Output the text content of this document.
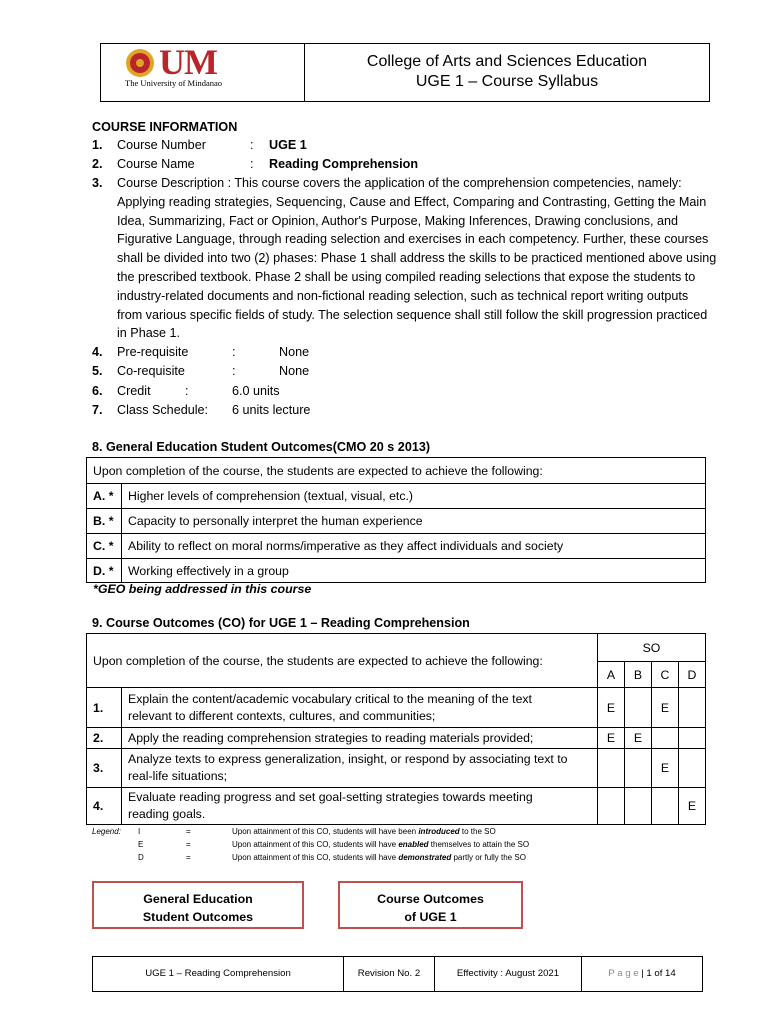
UM
The University of Mindanao
College of Arts and Sciences Education
UGE 1 – Course Syllabus
COURSE INFORMATION
1.	Course Number	: UGE 1
2.	Course Name	: Reading Comprehension
3.	Course Description : This course covers the application of the comprehension competencies, namely:
Applying reading strategies, Sequencing, Cause and Effect, Comparing and Contrasting, Getting the Main
Idea, Summarizing, Fact or Opinion, Author's Purpose, Making Inferences, Drawing conclusions, and
Figurative Language, through reading selection and exercises in each competency. Further, these courses
shall be divided into two (2) phases: Phase 1 shall address the skills to be practiced mentioned above using
the prescribed textbook. Phase 2 shall be using compiled reading selections that expose the students to
industry-related documents and non-fictional reading selection, such as technical report writing outputs
from various specific fields of study. The selection sequence shall still follow the skill progression practiced
in Phase 1.
4.	Pre-requisite	:	None
5.	Co-requisite	:	None
6.	Credit	:	6.0 units
7.	Class Schedule: 6 units lecture
8. General Education Student Outcomes(CMO 20 s 2013)
Upon completion of the course, the students are expected to achieve the following:	
A. *	Higher levels of comprehension (textual, visual, etc.)
B. *	Capacity to personally interpret the human experience
C. *	Ability to reflect on moral norms/imperative as they affect individuals and society
D. *	Working effectively in a group
*GEO being addressed in this course
9. Course Outcomes (CO) for UGE 1 – Reading Comprehension
Upon completion of the course, the students are expected to achieve the following:		SO			
		A	B	C	D
1.	Explain the content/academic vocabulary critical to the meaning of the text
relevant to different contexts, cultures, and communities;	E		E	
2.	Apply the reading comprehension strategies to reading materials provided;	E	E		
3.	Analyze texts to express generalization, insight, or respond by associating text to
real-life situations;			E	
4.	Evaluate reading progress and set goal-setting strategies towards meeting
reading goals.				E
Legend: I	=	Upon attainment of this CO, students will have been introduced to the SO
E	=	Upon attainment of this CO, students will have enabled themselves to attain the SO
D	=	Upon attainment of this CO, students will have demonstrated partly or fully the SO
General Education
Student Outcomes
Course Outcomes
of UGE 1
UGE 1 – Reading Comprehension	Revision No. 2	Effectivity : August 2021	P a g e | 1 of 14
